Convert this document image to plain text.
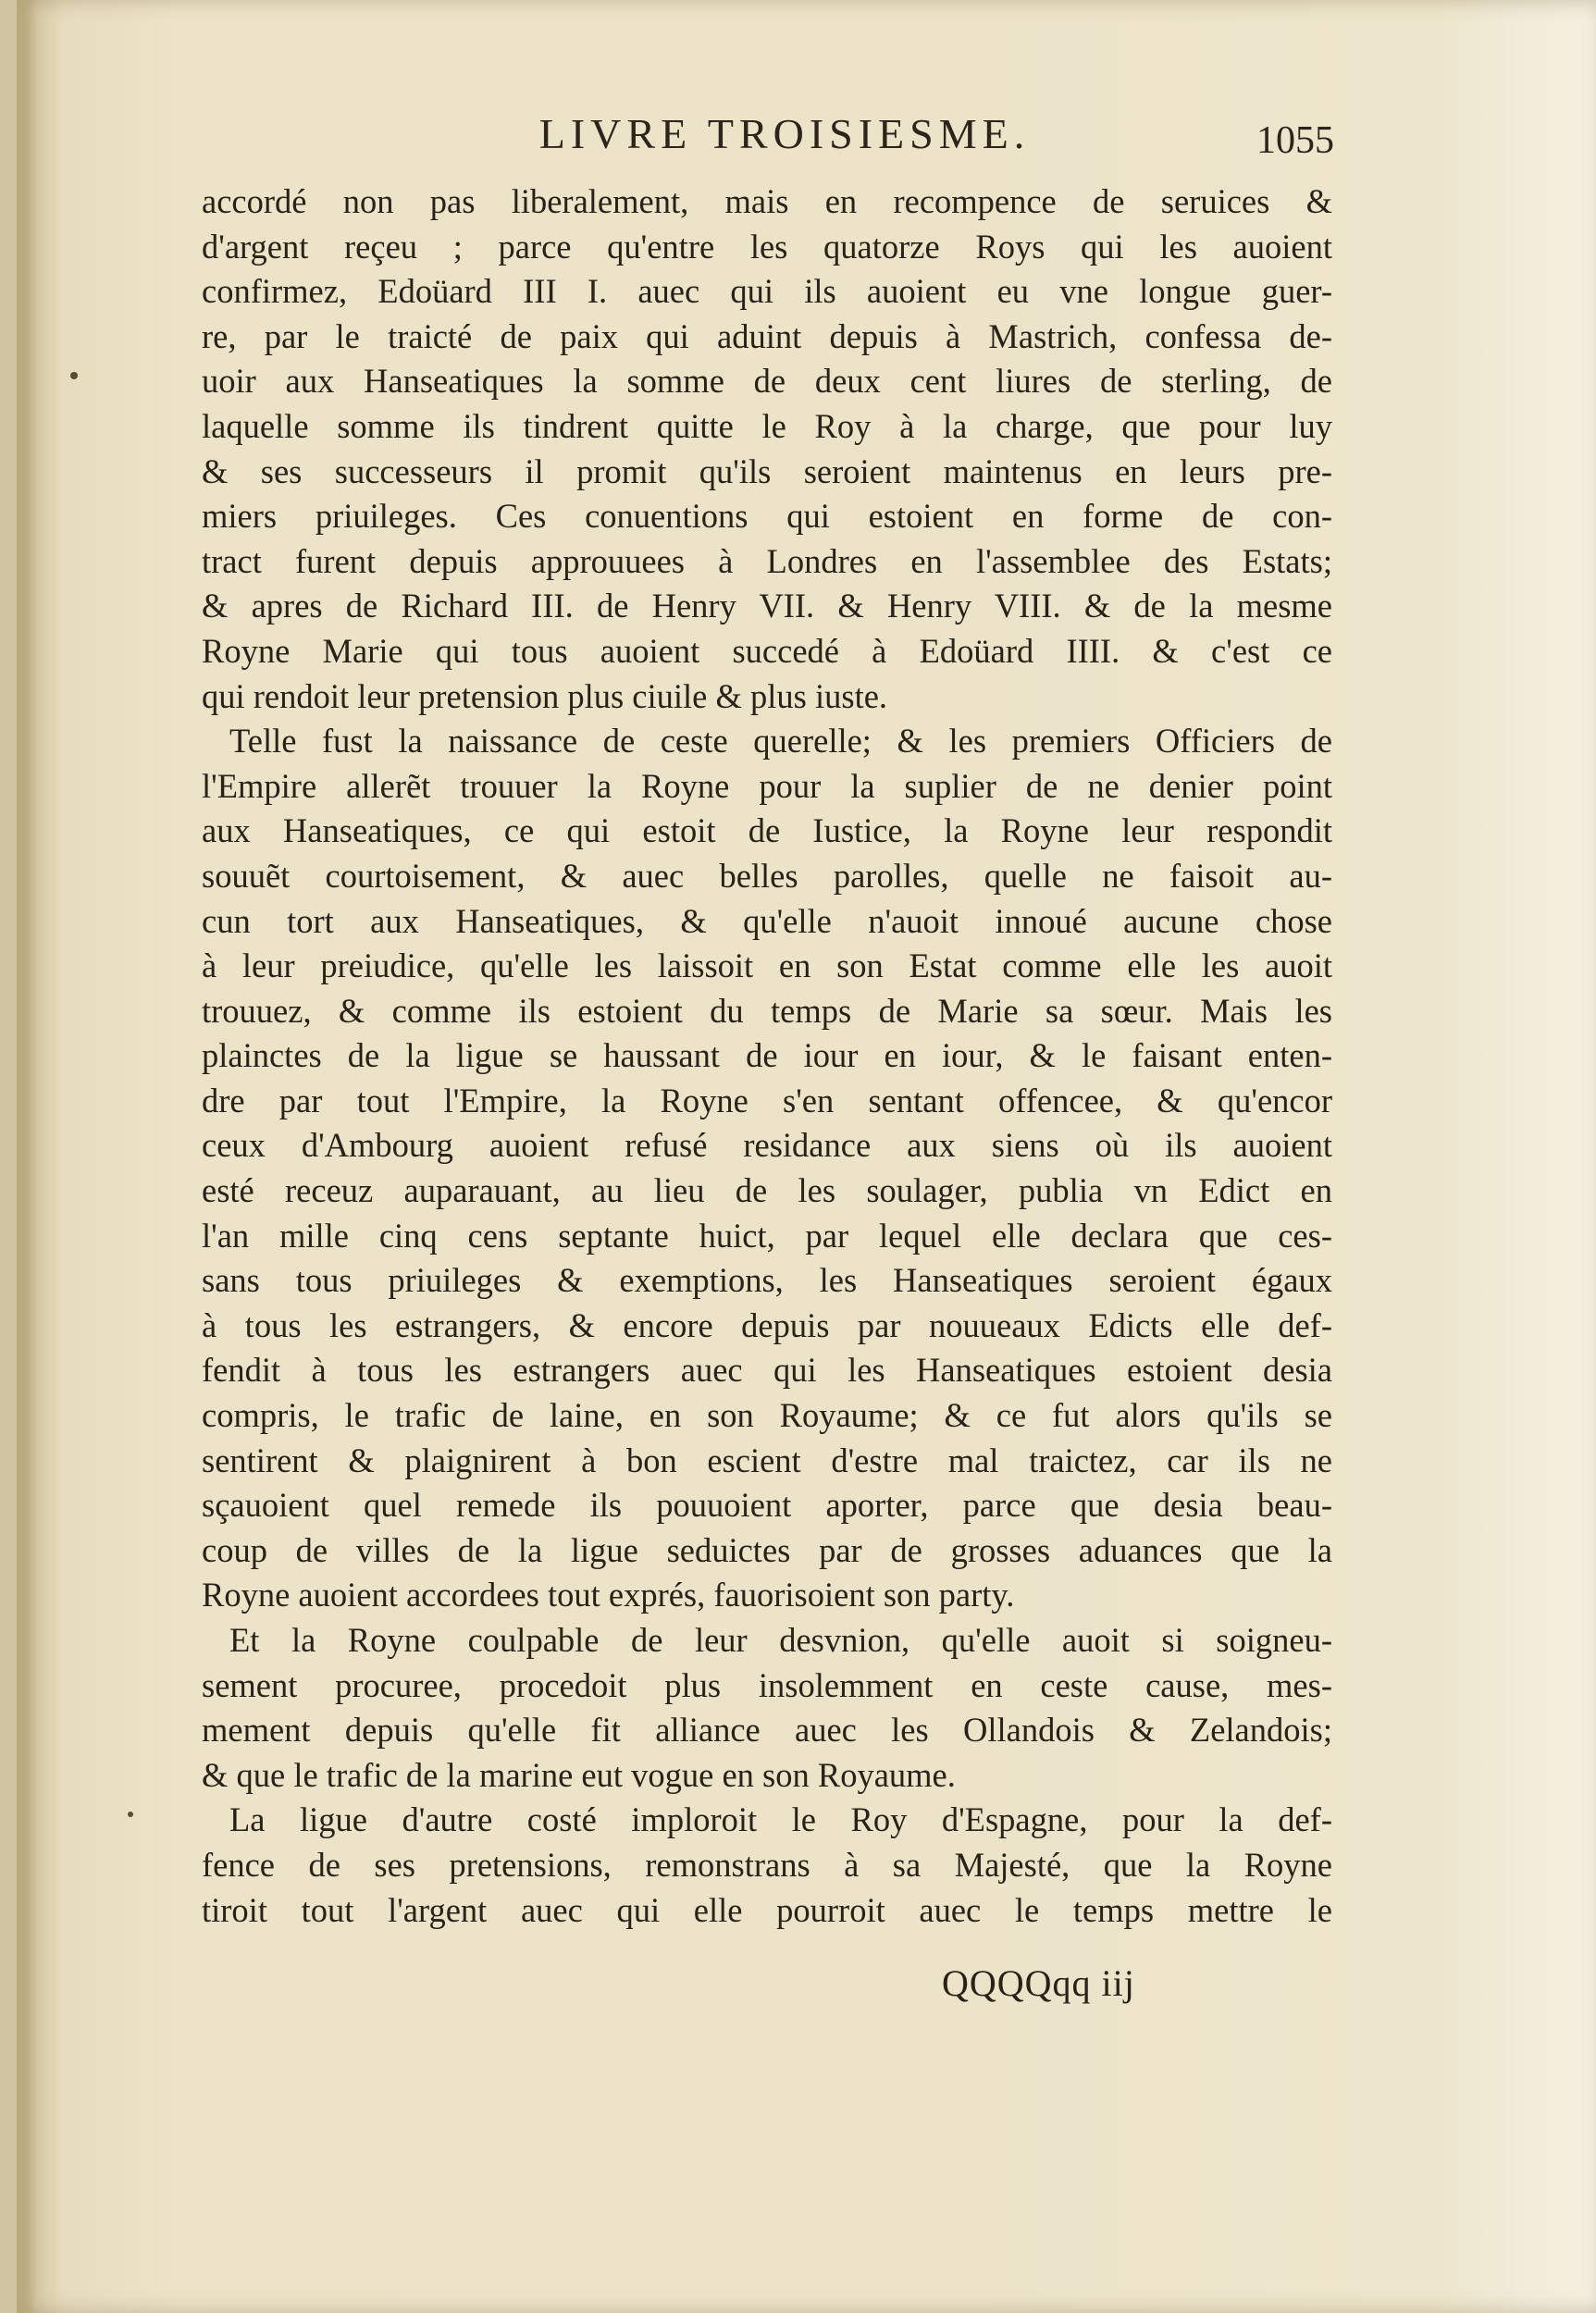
LIVRE TROISIESME.	1055
accordé non pas liberalement, mais en recompence de seruices &
d'argent reçeu ; parce qu'entre les quatorze Roys qui les auoient
confirmez, Edoüard III I. auec qui ils auoient eu vne longue guer-
re, par le traicté de paix qui aduint depuis à Mastrich, confessa de-
uoir aux Hanseatiques la somme de deux cent liures de sterling, de
laquelle somme ils tindrent quitte le Roy à la charge, que pour luy
& ses successeurs il promit qu'ils seroient maintenus en leurs pre-
miers priuileges. Ces conuentions qui estoient en forme de con-
tract furent depuis approuuees à Londres en l'assemblee des Estats;
& apres de Richard III. de Henry VII. & Henry VIII. & de la mesme
Royne Marie qui tous auoient succedé à Edoüard IIII. & c'est ce
qui rendoit leur pretension plus ciuile & plus iuste.
Telle fust la naissance de ceste querelle; & les premiers Officiers de
l'Empire allerẽt trouuer la Royne pour la suplier de ne denier point
aux Hanseatiques, ce qui estoit de Iustice, la Royne leur respondit
souuẽt courtoisement, & auec belles parolles, quelle ne faisoit au-
cun tort aux Hanseatiques, & qu'elle n'auoit innoué aucune chose
à leur preiudice, qu'elle les laissoit en son Estat comme elle les auoit
trouuez, & comme ils estoient du temps de Marie sa sœur. Mais les
plainctes de la ligue se haussant de iour en iour, & le faisant enten-
dre par tout l'Empire, la Royne s'en sentant offencee, & qu'encor
ceux d'Ambourg auoient refusé residance aux siens où ils auoient
esté receuz auparauant, au lieu de les soulager, publia vn Edict en
l'an mille cinq cens septante huict, par lequel elle declara que ces-
sans tous priuileges & exemptions, les Hanseatiques seroient égaux
à tous les estrangers, & encore depuis par nouueaux Edicts elle def-
fendit à tous les estrangers auec qui les Hanseatiques estoient desia
compris, le trafic de laine, en son Royaume; & ce fut alors qu'ils se
sentirent & plaignirent à bon escient d'estre mal traictez, car ils ne
sçauoient quel remede ils pouuoient aporter, parce que desia beau-
coup de villes de la ligue seduictes par de grosses aduances que la
Royne auoient accordees tout exprés, fauorisoient son party.
Et la Royne coulpable de leur desvnion, qu'elle auoit si soigneu-
sement procuree, procedoit plus insolemment en ceste cause, mes-
mement depuis qu'elle fit alliance auec les Ollandois & Zelandois;
& que le trafic de la marine eut vogue en son Royaume.
La ligue d'autre costé imploroit le Roy d'Espagne, pour la def-
fence de ses pretensions, remonstrans à sa Majesté, que la Royne
tiroit tout l'argent auec qui elle pourroit auec le temps mettre le
QQQQqq iij
